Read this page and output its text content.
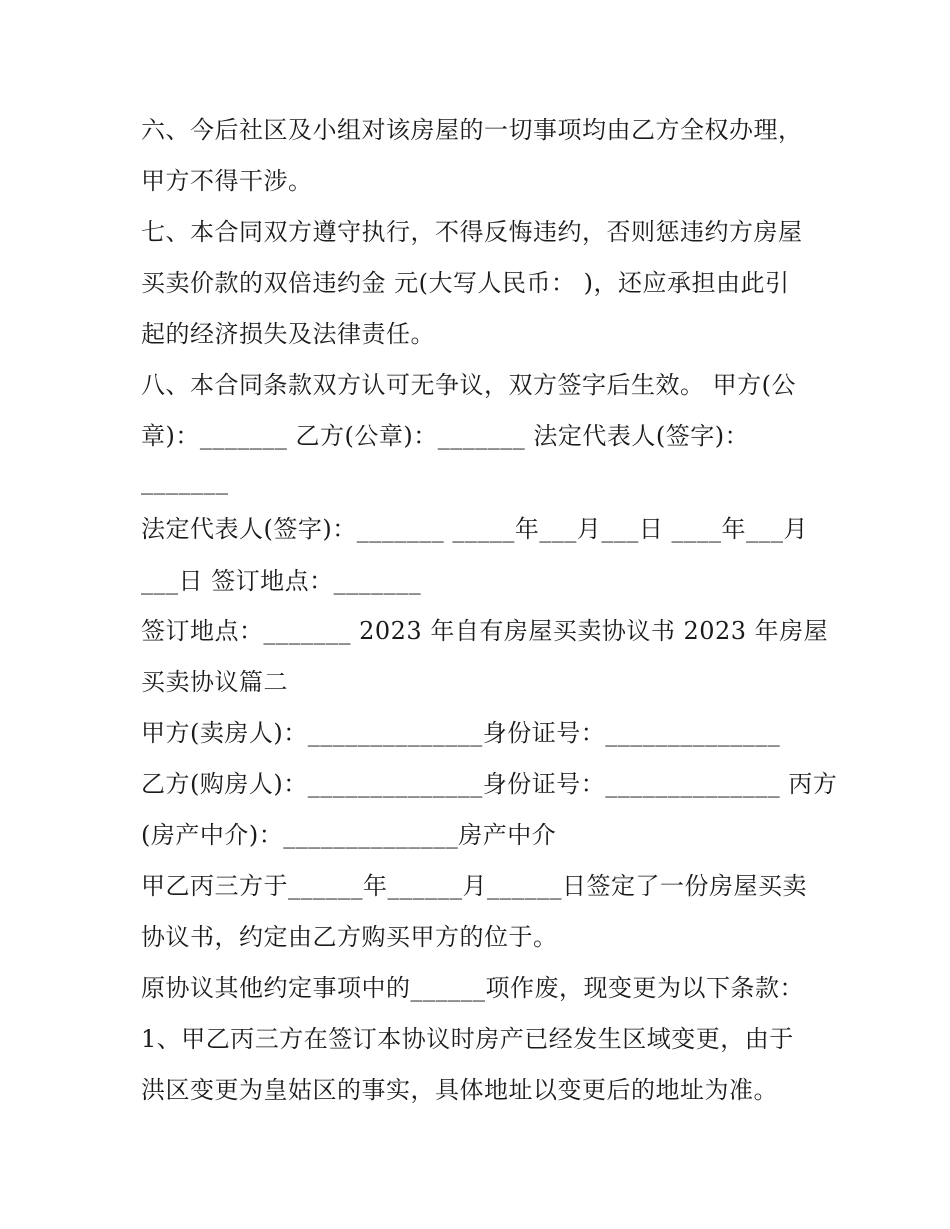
六、今后社区及小组对该房屋的一切事项均由乙方全权办理，
甲方不得干涉。
七、本合同双方遵守执行，不得反悔违约，否则惩违约方房屋
买卖价款的双倍违约金 元(大写人民币： )，还应承担由此引
起的经济损失及法律责任。
八、本合同条款双方认可无争议，双方签字后生效。 甲方(公
章)：_______ 乙方(公章)：_______ 法定代表人(签字)：
_______
法定代表人(签字)：_______ _____年___月___日 ____年___月
___日 签订地点：_______
签订地点：_______ 2023 年自有房屋买卖协议书 2023 年房屋
买卖协议篇二
甲方(卖房人)：______________身份证号：______________
乙方(购房人)：______________身份证号：______________ 丙方
(房产中介)：______________房产中介
甲乙丙三方于______年______月______日签定了一份房屋买卖
协议书，约定由乙方购买甲方的位于。
原协议其他约定事项中的______项作废，现变更为以下条款：
1、甲乙丙三方在签订本协议时房产已经发生区域变更，由于
洪区变更为皇姑区的事实，具体地址以变更后的地址为准。
